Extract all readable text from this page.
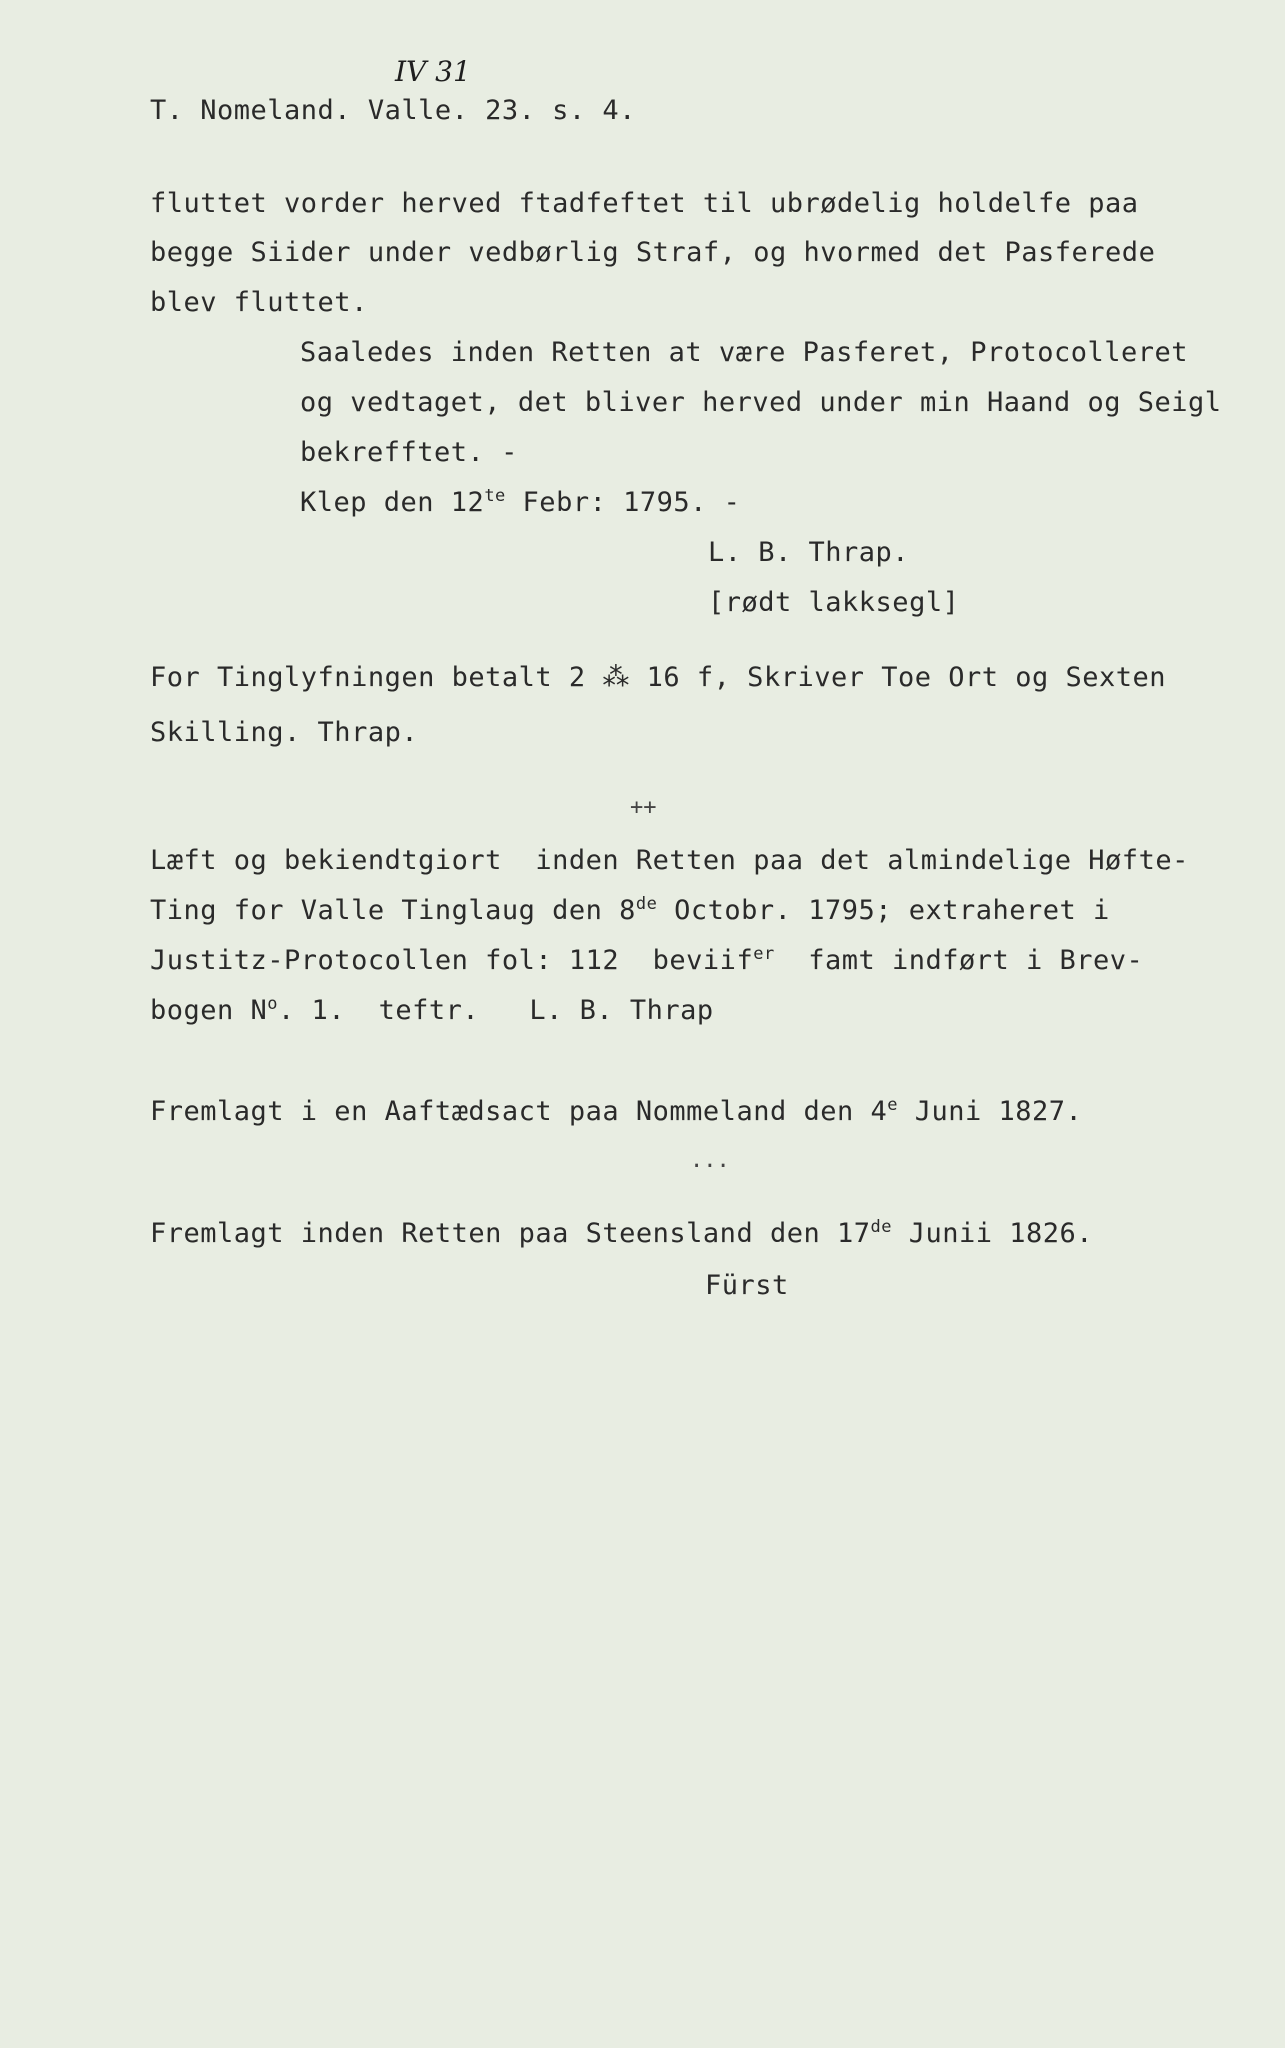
IV 31
T. Nomeland. Valle. 23. s. 4.
fluttet vorder herved ftadfeftet til ubrødelig holdelfe paa
begge Siider under vedbørlig Straf, og hvormed det Pasferede
blev fluttet.
Saaledes inden Retten at være Pasferet, Protocolleret
og vedtaget, det bliver herved under min Haand og Seigl
bekrefftet. -
Klep den $12^{te}$ Febr: 1795. -
L. B. Thrap.
[rødt lakksegl]
For Tinglyfningen betalt 2 ⁂ 16 f, Skriver Toe Ort og Sexten
Skilling. Thrap.
++
Læft og bekiendtgiort  inden Retten paa det almindelige Høfte-
Ting for Valle Tinglaug den 8de Octobr. 1795; extraheret i
Justitz-Protocollen fol: 112  beviif$^{er}$  famt indført i Brev-
bogen $N^o$. 1.  teftr.   L. B. Thrap
Fremlagt i en Aaftædsact paa Nommeland den 4e Juni 1827.
...
Fremlagt inden Retten paa Steensland den 17de Junii 1826.
Fürst
